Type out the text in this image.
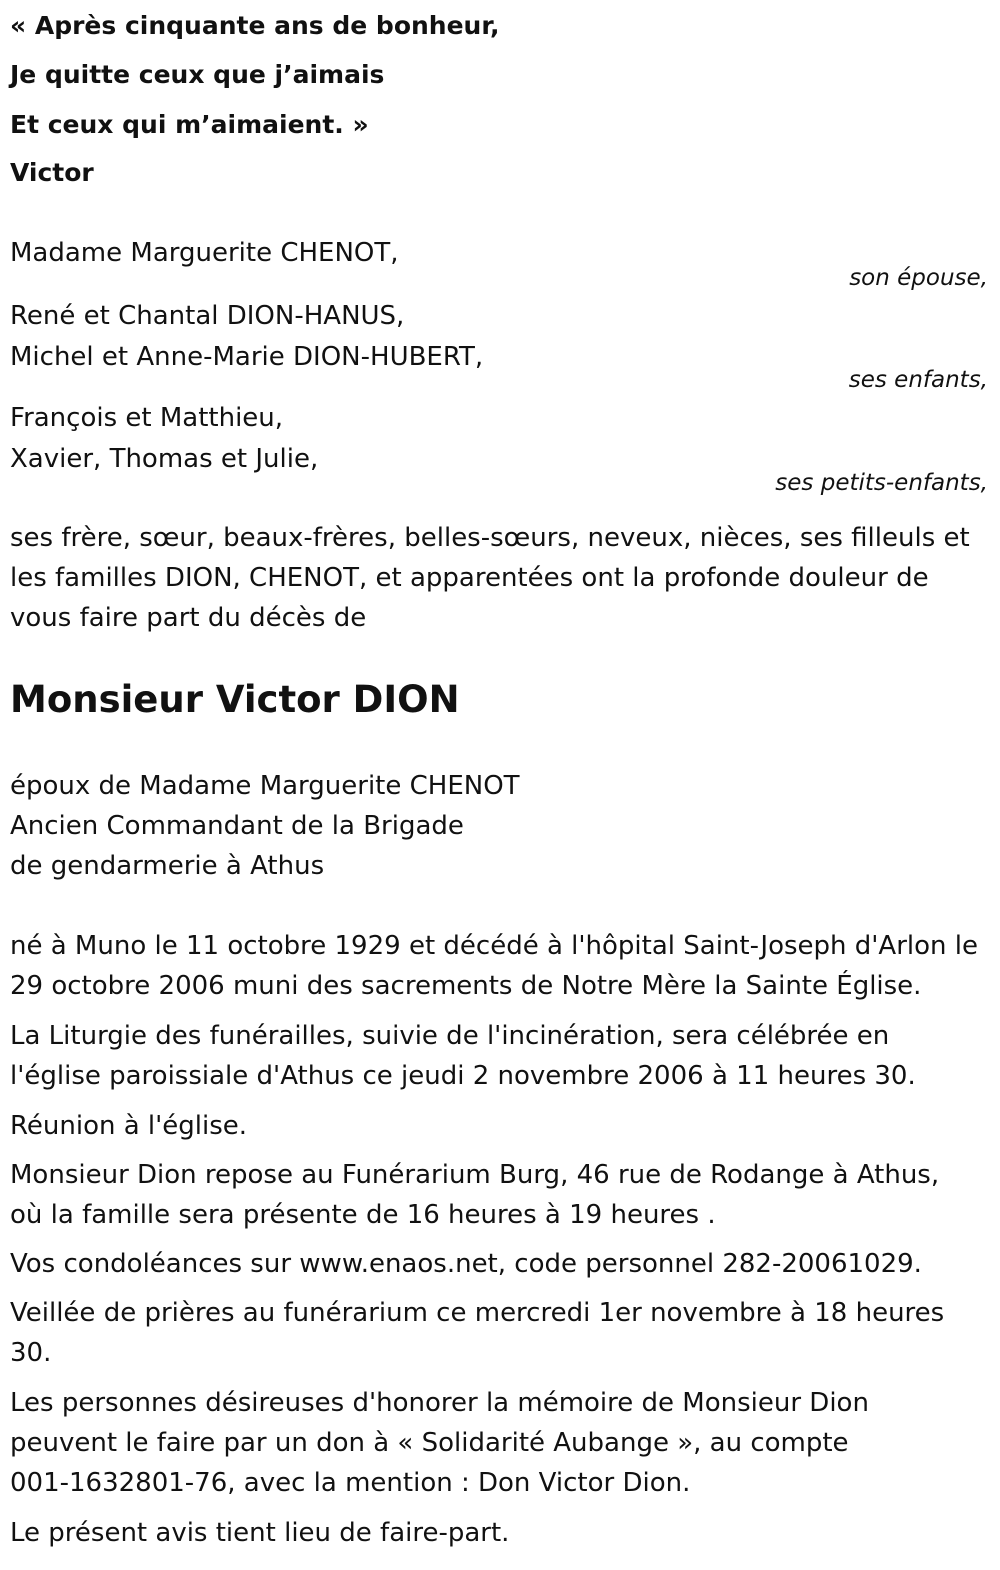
« Après cinquante ans de bonheur,
Je quitte ceux que j’aimais
Et ceux qui m’aimaient. »
Victor
Madame Marguerite CHENOT,
son épouse,
René et Chantal DION-HANUS,
Michel et Anne-Marie DION-HUBERT,
ses enfants,
François et Matthieu,
Xavier, Thomas et Julie,
ses petits-enfants,
ses frère, sœur, beaux-frères, belles-sœurs, neveux, nièces, ses filleuls et
les familles DION, CHENOT, et apparentées ont la profonde douleur de
vous faire part du décès de
Monsieur Victor DION
époux de Madame Marguerite CHENOT
Ancien Commandant de la Brigade
de gendarmerie à Athus
né à Muno le 11 octobre 1929 et décédé à l'hôpital Saint-Joseph d'Arlon le
29 octobre 2006 muni des sacrements de Notre Mère la Sainte Église.
La Liturgie des funérailles, suivie de l'incinération, sera célébrée en
l'église paroissiale d'Athus ce jeudi 2 novembre 2006 à 11 heures 30.
Réunion à l'église.
Monsieur Dion repose au Funérarium Burg, 46 rue de Rodange à Athus,
où la famille sera présente de 16 heures à 19 heures .
Vos condoléances sur www.enaos.net, code personnel 282-20061029.
Veillée de prières au funérarium ce mercredi 1er novembre à 18 heures
30.
Les personnes désireuses d'honorer la mémoire de Monsieur Dion
peuvent le faire par un don à « Solidarité Aubange », au compte
001-1632801-76, avec la mention : Don Victor Dion.
Le présent avis tient lieu de faire-part.
